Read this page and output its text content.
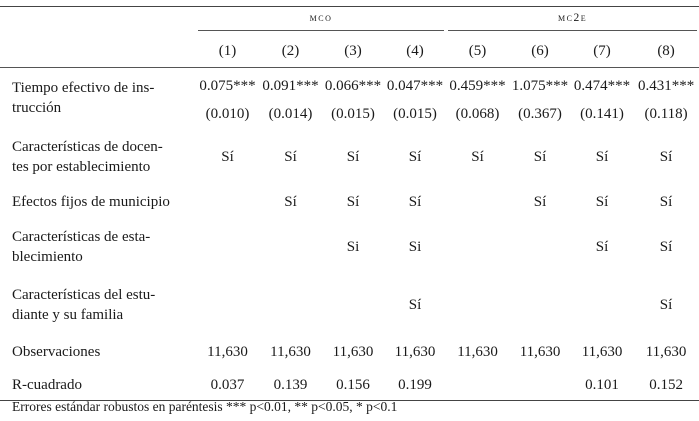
	mco				mc2e			

	(1)	(2)	(3)	(4)	(5)	(6)	(7)	(8)
Tiempo efectivo de ins-
trucción	0.075***	0.091***	0.066***	0.047***	0.459***	1.075***	0.474***	0.431***
	(0.010)	(0.014)	(0.015)	(0.015)	(0.068)	(0.367)	(0.141)	(0.118)
Características de docen-
tes por establecimiento	Sí	Sí	Sí	Sí	Sí	Sí	Sí	Sí
Efectos fijos de municipio		Sí	Sí	Sí		Sí	Sí	Sí
Características de esta-
blecimiento			Si	Si			Sí	Sí
Características del estu-
diante y su familia				Sí				Sí
Observaciones	11,630	11,630	11,630	11,630	11,630	11,630	11,630	11,630
R-cuadrado	0.037	0.139	0.156	0.199			0.101	0.152
Errores estándar robustos en paréntesis *** p<0.01, ** p<0.05, * p<0.1
